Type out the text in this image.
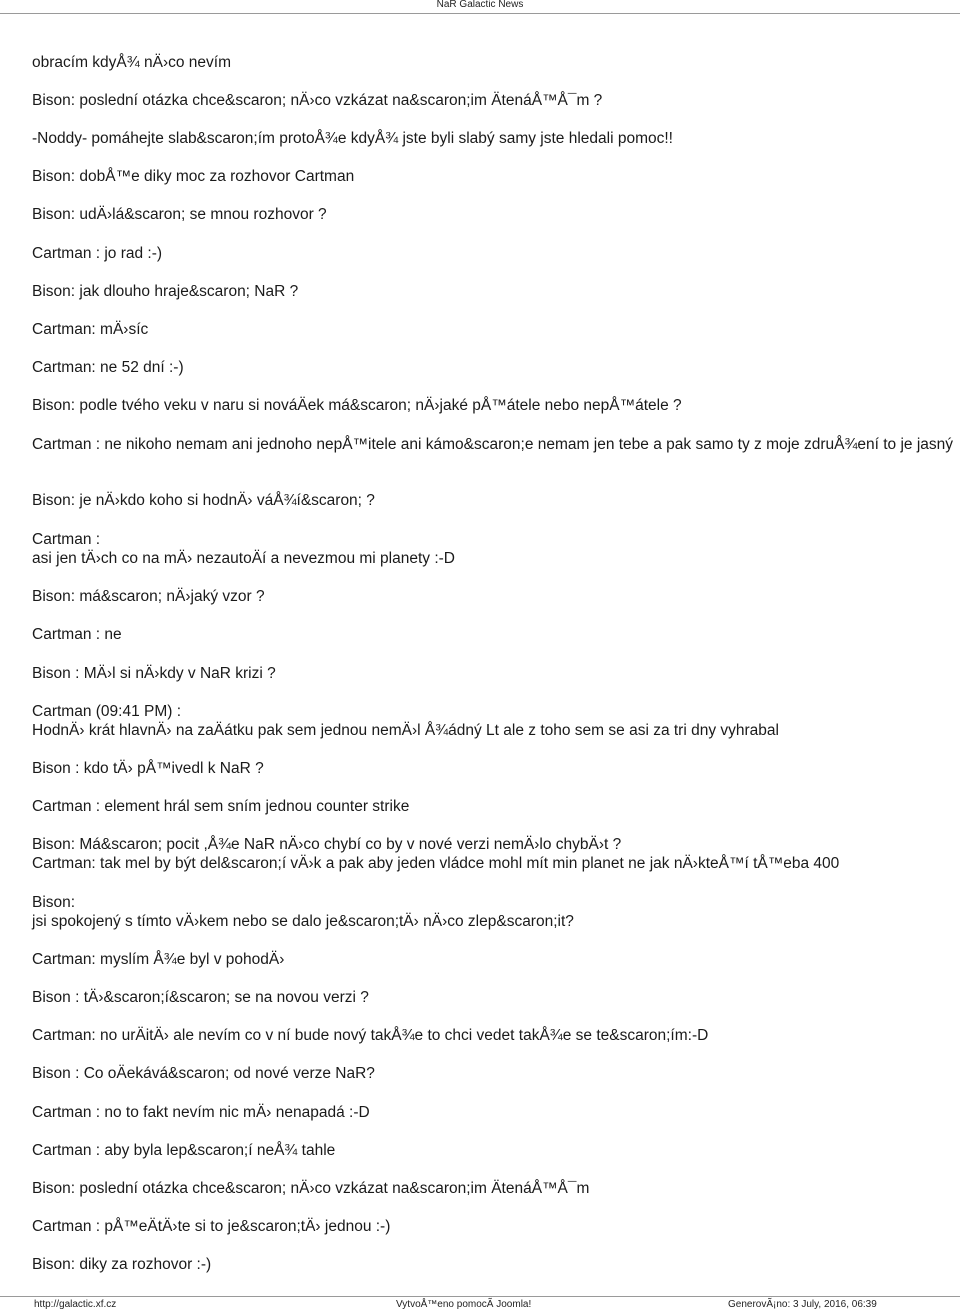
NaR Galactic News
obracím kdyÅ¾ nÄ›co nevím
Bison: poslední otázka chce&scaron; nÄ›co vzkázat na&scaron;im ÄtenáÅ™Å¯m ?
-Noddy- pomáhejte slab&scaron;ím protoÅ¾e kdyÅ¾ jste byli slabý samy jste hledali pomoc!!
Bison: dobÅ™e diky moc za rozhovor Cartman
Bison: udÄ›lá&scaron; se mnou rozhovor ?
Cartman : jo rad :-)
Bison: jak dlouho hraje&scaron; NaR ?
Cartman: mÄ›síc
Cartman: ne 52 dní :-)
Bison: podle tvého veku v naru si nováÄek má&scaron; nÄ›jaké pÅ™átele nebo nepÅ™átele ?
Cartman : ne nikoho nemam ani jednoho nepÅ™itele ani kámo&scaron;e nemam jen tebe a pak samo ty z moje zdruÅ¾ení to je jasný
Bison: je nÄ›kdo koho si hodnÄ› váÅ¾í&scaron; ?
Cartman :
asi jen tÄ›ch co na mÄ› nezautoÄí a nevezmou mi planety :-D
Bison: má&scaron; nÄ›jaký vzor ?
Cartman : ne
Bison : MÄ›l si nÄ›kdy v NaR krizi ?
Cartman (09:41 PM) :
HodnÄ› krát hlavnÄ› na zaÄátku pak sem jednou nemÄ›l Å¾ádný Lt ale z toho sem se asi za tri dny vyhrabal
Bison : kdo tÄ› pÅ™ivedl k NaR ?
Cartman : element hrál sem sním jednou counter strike
Bison: Má&scaron; pocit ,Å¾e NaR nÄ›co chybí co by v nové verzi nemÄ›lo chybÄ›t ?
Cartman: tak mel by být del&scaron;í vÄ›k a pak aby jeden vládce mohl mít min planet ne jak nÄ›kteÅ™í tÅ™eba 400
Bison:
jsi spokojený s tímto vÄ›kem nebo se dalo je&scaron;tÄ› nÄ›co zlep&scaron;it?
Cartman: myslím Å¾e byl v pohodÄ›
Bison : tÄ›&scaron;í&scaron; se na novou verzi ?
Cartman: no urÄitÄ› ale nevím co v ní bude nový takÅ¾e to chci vedet takÅ¾e se te&scaron;ím:-D
Bison : Co oÄekává&scaron; od nové verze NaR?
Cartman : no to fakt nevím nic mÄ› nenapadá :-D
Cartman : aby byla lep&scaron;í neÅ¾ tahle
Bison: poslední otázka chce&scaron; nÄ›co vzkázat na&scaron;im ÄtenáÅ™Å¯m
Cartman : pÅ™eÄtÄ›te si to je&scaron;tÄ› jednou :-)
Bison: diky za rozhovor :-)
http://galactic.xf.cz	VytvoÅ™eno pomocÃ Joomla!	GenerovÃ¡no: 3 July, 2016, 06:39
